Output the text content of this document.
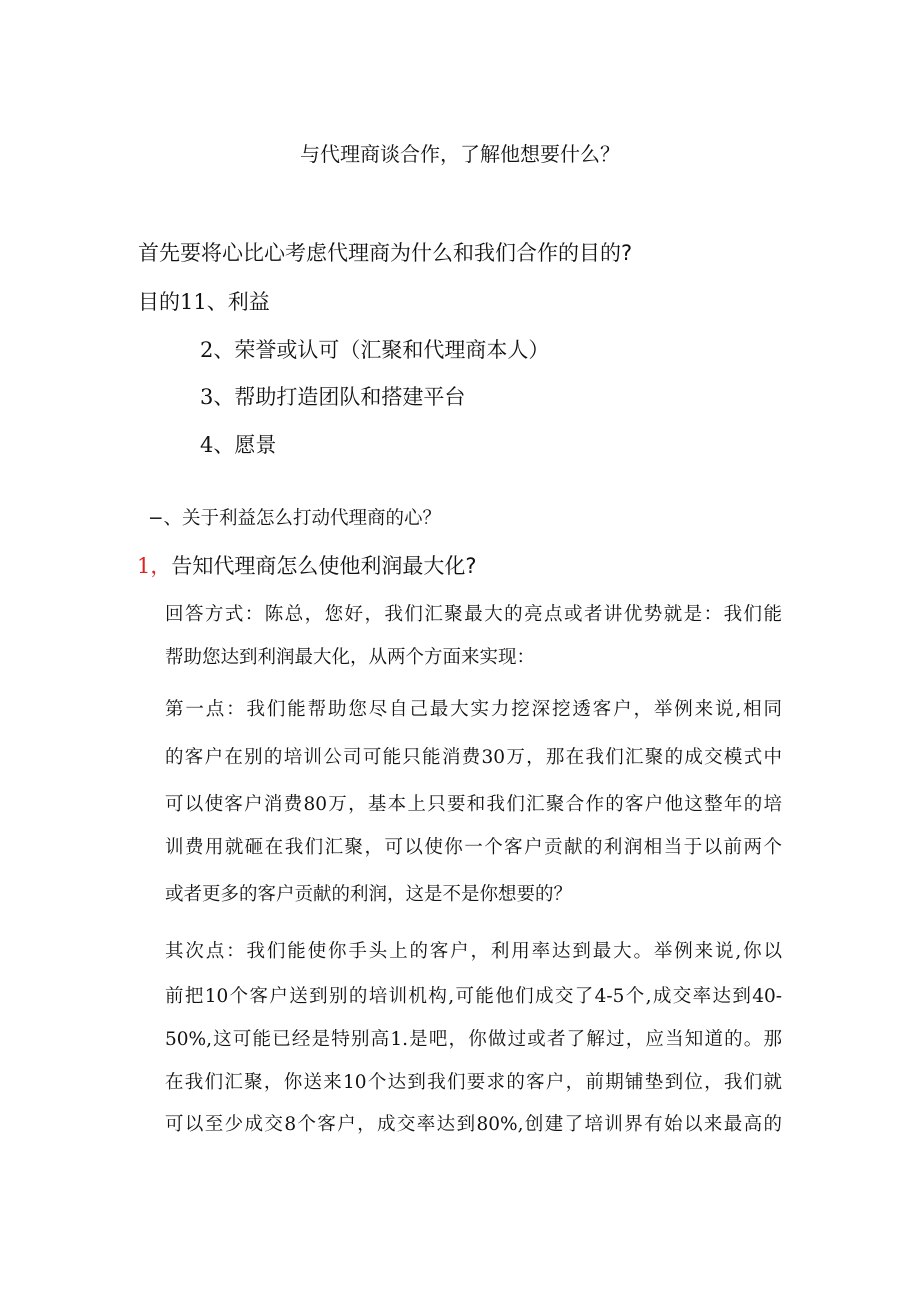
与代理商谈合作，了解他想要什么？
首先要将心比心考虑代理商为什么和我们合作的目的?
目的11、利益
2、荣誉或认可（汇聚和代理商本人）
3、帮助打造团队和搭建平台
4、愿景
−、关于利益怎么打动代理商的心？
1，告知代理商怎么使他利润最大化?
回答方式：陈总，您好，我们汇聚最大的亮点或者讲优势就是：我们能
帮助您达到利润最大化，从两个方面来实现：
第一点：我们能帮助您尽自己最大实力挖深挖透客户，举例来说,相同
的客户在别的培训公司可能只能消费30万，那在我们汇聚的成交模式中
可以使客户消费80万，基本上只要和我们汇聚合作的客户他这整年的培
训费用就砸在我们汇聚，可以使你一个客户贡献的利润相当于以前两个
或者更多的客户贡献的利润，这是不是你想要的？
其次点：我们能使你手头上的客户，利用率达到最大。举例来说,你以
前把10个客户送到别的培训机构,可能他们成交了4-5个,成交率达到40-
50%,这可能已经是特别高1.是吧，你做过或者了解过，应当知道的。那
在我们汇聚，你送来10个达到我们要求的客户，前期铺垫到位，我们就
可以至少成交8个客户，成交率达到80%,创建了培训界有始以来最高的
